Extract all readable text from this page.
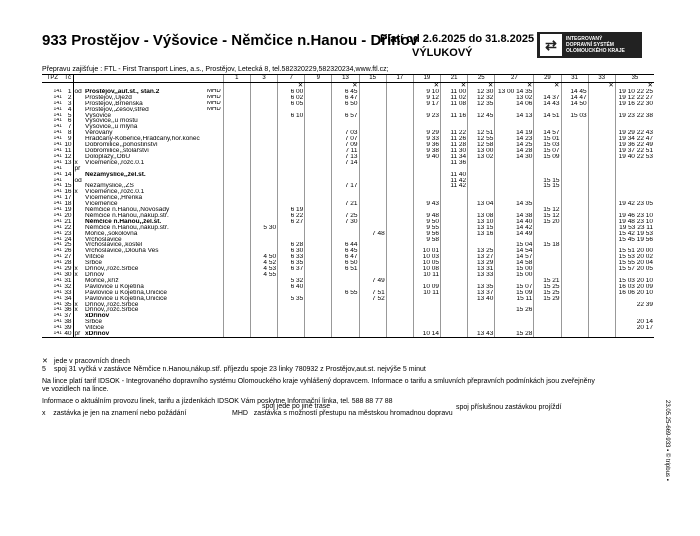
933 Prostějov - Výšovice - Němčice n.Hanou - Dřínov
Platí od 2.6.2025 do 31.8.2025
VÝLUKOVÝ
⇄	INTEGROVANÝ
DOPRAVNÍ SYSTÉM
OLOMOUCKÉHO KRAJE
Přepravu zajišťuje : FTL - First Transport Lines, a.s., Prostějov, Letecká 8, tel.582320229,582320234,www.ftl.cz;
TPZ	Tč				1	3	7	9	13	15	17	19	21	25	27	29	31	33	35
							✕		✕			✕	✕	✕	✕	✕		✕	✕
141	1	od	Prostějov,,aut.st., stan.2	MHD			6 00		6 45			9 10	11 00	12 30	13 00 14 35		14 45		19 10 22 25
141	2		Prostějov,,Újezd	MHD			6 02		6 47			9 12	11 02	12 32	13 02	14 37	14 47		19 12 22 27
141	3		Prostějov,,Brněnská	MHD			6 05		6 50			9 17	11 08	12 35	14 06	14 43	14 50		19 16 22 30
141	4		Prostějov,,Žešov,střed	MHD															
141	5		Výšovice				6 10		6 57			9 23	11 16	12 45	14 13	14 51	15 03		19 23 22 38
141	6		Výšovice,,u mostu																
141	7		Výšovice,,u mlýna																
141	8		Věrovany						7 03			9 29	11 22	12 51	14 19	14 57			19 29 22 43
141	9		Hradčany-Kobeřice,Hradčany,hor.konec						7 07			9 33	11 26	12 55	14 23	15 01			19 34 22 47
141	10		Dobromilice,,pohostinství						7 09			9 36	11 28	12 58	14 25	15 03			19 36 22 49
141	11		Dobromilice,,stolařství						7 11			9 38	11 30	13 00	14 28	15 07			19 37 22 51
141	12		Doloplazy,,ObÚ						7 13			9 40	11 34	13 02	14 30	15 09			19 40 22 53
141	13	x	Vícemeřice,,rozc.0.1						7 14				11 36						
141		př																	
141	14		Nezamyslice,,žel.st.										11 40						
141		od											11 42			15 15			
141	15		Nezamyslice,,ZŠ						7 17				11 42			15 15			
141	16	x	Vícemeřice,,rozc.0.1																
141	17		Vícemeřice,,Hřenka																
141	18		Vícemeřice						7 21			9 43		13 04	14 35				19 42 23 05
141	19		Němčice n.Hanou,,Novosady				6 19									15 12			
141	20		Němčice n.Hanou,,nákup.stř.				6 22		7 25			9 48		13 08	14 38	15 12			19 46 23 10
141	21		Němčice n.Hanou,,žel.st.				6 27		7 30			9 50		13 10	14 40	15 20			19 48 23 10
141	22		Němčice n.Hanou,,nákup.stř.			5 30						9 55		13 15	14 42				19 53 23 11
141	23		Mořice,,sokolovna							7 48		9 56		13 16	14 49				15 42 19 53
141	24		Vrchoslavice									9 58							15 45 19 56
141	25		Vrchoslavice,,kostel				6 28		6 44						15 04	15 18			
141	26		Vrchoslavice,,Dlouhá Ves				6 30		6 45			10 01		13 25	14 54				15 51 20 00
141	27		Vitčice			4 50	6 33		6 47			10 03		13 27	14 57				15 53 20 02
141	28		Srbce			4 52	6 35		6 50			10 05		13 29	14 58				15 55 20 04
141	29	x	Dřínov,,rozc.Srbce			4 53	6 37		6 51			10 08		13 31	15 00				15 57 20 05
141	30	x	Dřínov			4 55						10 11		13 33	15 00				
141	31		Mořice,,kříž				5 32			7 49						15 21			15 03 20 10
141	32		Pavlovice u Kojetína				6 40					10 09		13 35	15 07	15 25			16 03 20 09
141	33		Pavlovice u Kojetína,Uničice						6 55	7 51		10 11		13 37	15 09	15 25			16 06 20 10
141	34		Pavlovice u Kojetína,Uničice				5 35			7 52				13 40	15 11	15 29			
141	35	x	Dřínov,,rozc.Srbce																22 39
141	36	x	Dřínov,,rozc.Srbce												15 26				
141	37		xDřínov																
141	38		Srbce																20 14
141	39		Vitčice																20 17
141	40	př	xDřínov									10 14		13 43	15 28				
✕ jede v pracovních dnech
5	spoj 31 vyčká v zastávce Němčice n.Hanou,nákup.stř. příjezdu spoje 23 linky 780932 z Prostějov,aut.st. nejvýše 5 minut
Na lince platí tarif IDSOK - Integrovaného dopravního systému Olomouckého kraje vyhlášený dopravcem. Informace o tarifu a smluvních přepravních podmínkách jsou zveřejněny ve vozidlech na lince.
Informace o aktuálním provozu linek, tarifu a jízdenkách IDSOK Vám poskytne Informační linka, tel. 588 88 77 88
x zastávka je jen na znamení nebo požádání	MHD zastávka s možností přestupu na městskou hromadnou dopravu
spoj jede po jiné trase	spoj příslušnou zastávkou projíždí	23.05.25-669-933 ▪ © tripbus ▪
